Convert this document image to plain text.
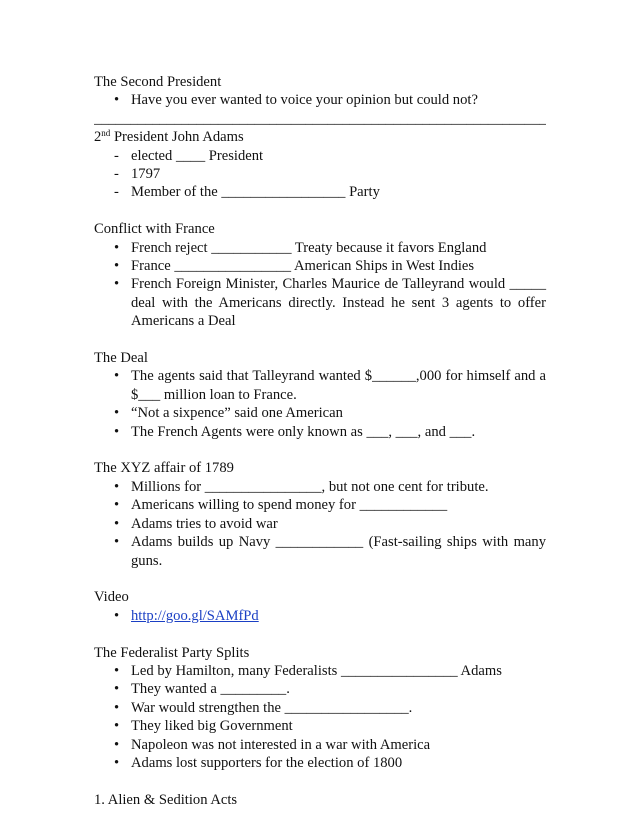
The Second President
• Have you ever wanted to voice your opinion but could not?
______________________________________________________________
2nd President John Adams
- elected ____ President
- 1797
- Member of the _________________ Party
Conflict with France
• French reject ___________ Treaty because it favors England
• France ________________ American Ships in West Indies
• French Foreign Minister, Charles Maurice de Talleyrand would _____ deal with the Americans directly. Instead he sent 3 agents to offer Americans a Deal
The Deal
• The agents said that Talleyrand wanted $______,000 for himself and a $___ million loan to France.
• “Not a sixpence” said one American
• The French Agents were only known as ___, ___, and ___.
The XYZ affair of 1789
• Millions for ________________, but not one cent for tribute.
• Americans willing to spend money for ____________
• Adams tries to avoid war
• Adams builds up Navy ____________ (Fast-sailing ships with many guns.
Video
• http://goo.gl/SAMfPd
The Federalist Party Splits
• Led by Hamilton, many Federalists ________________ Adams
• They wanted a _________.
• War would strengthen the _________________.
• They liked big Government
• Napoleon was not interested in a war with America
• Adams lost supporters for the election of 1800
1. Alien & Sedition Acts
